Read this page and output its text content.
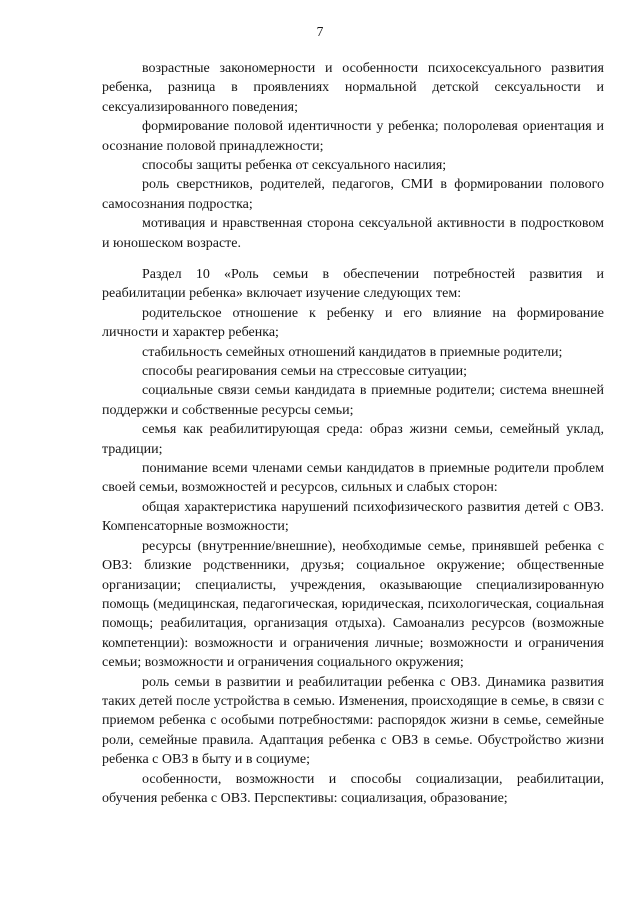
7

возрастные закономерности и особенности психосексуального развития ребенка, разница в проявлениях нормальной детской сексуальности и сексуализированного поведения;

формирование половой идентичности у ребенка; полоролевая ориентация и осознание половой принадлежности;

способы защиты ребенка от сексуального насилия;

роль сверстников, родителей, педагогов, СМИ в формировании полового самосознания подростка;

мотивация и нравственная сторона сексуальной активности в подростковом и юношеском возрасте.

Раздел 10 «Роль семьи в обеспечении потребностей развития и реабилитации ребенка» включает изучение следующих тем:

родительское отношение к ребенку и его влияние на формирование личности и характер ребенка;

стабильность семейных отношений кандидатов в приемные родители;

способы реагирования семьи на стрессовые ситуации;

социальные связи семьи кандидата в приемные родители; система внешней поддержки и собственные ресурсы семьи;

семья как реабилитирующая среда: образ жизни семьи, семейный уклад, традиции;

понимание всеми членами семьи кандидатов в приемные родители проблем своей семьи, возможностей и ресурсов, сильных и слабых сторон:

общая характеристика нарушений психофизического развития детей с ОВЗ. Компенсаторные возможности;

ресурсы (внутренние/внешние), необходимые семье, принявшей ребенка с ОВЗ: близкие родственники, друзья; социальное окружение; общественные организации; специалисты, учреждения, оказывающие специализированную помощь (медицинская, педагогическая, юридическая, психологическая, социальная помощь; реабилитация, организация отдыха). Самоанализ ресурсов (возможные компетенции): возможности и ограничения личные; возможности и ограничения семьи; возможности и ограничения социального окружения;

роль семьи в развитии и реабилитации ребенка с ОВЗ. Динамика развития таких детей после устройства в семью. Изменения, происходящие в семье, в связи с приемом ребенка с особыми потребностями: распорядок жизни в семье, семейные роли, семейные правила. Адаптация ребенка с ОВЗ в семье. Обустройство жизни ребенка с ОВЗ в быту и в социуме;

особенности, возможности и способы социализации, реабилитации, обучения ребенка с ОВЗ. Перспективы: социализация, образование;
